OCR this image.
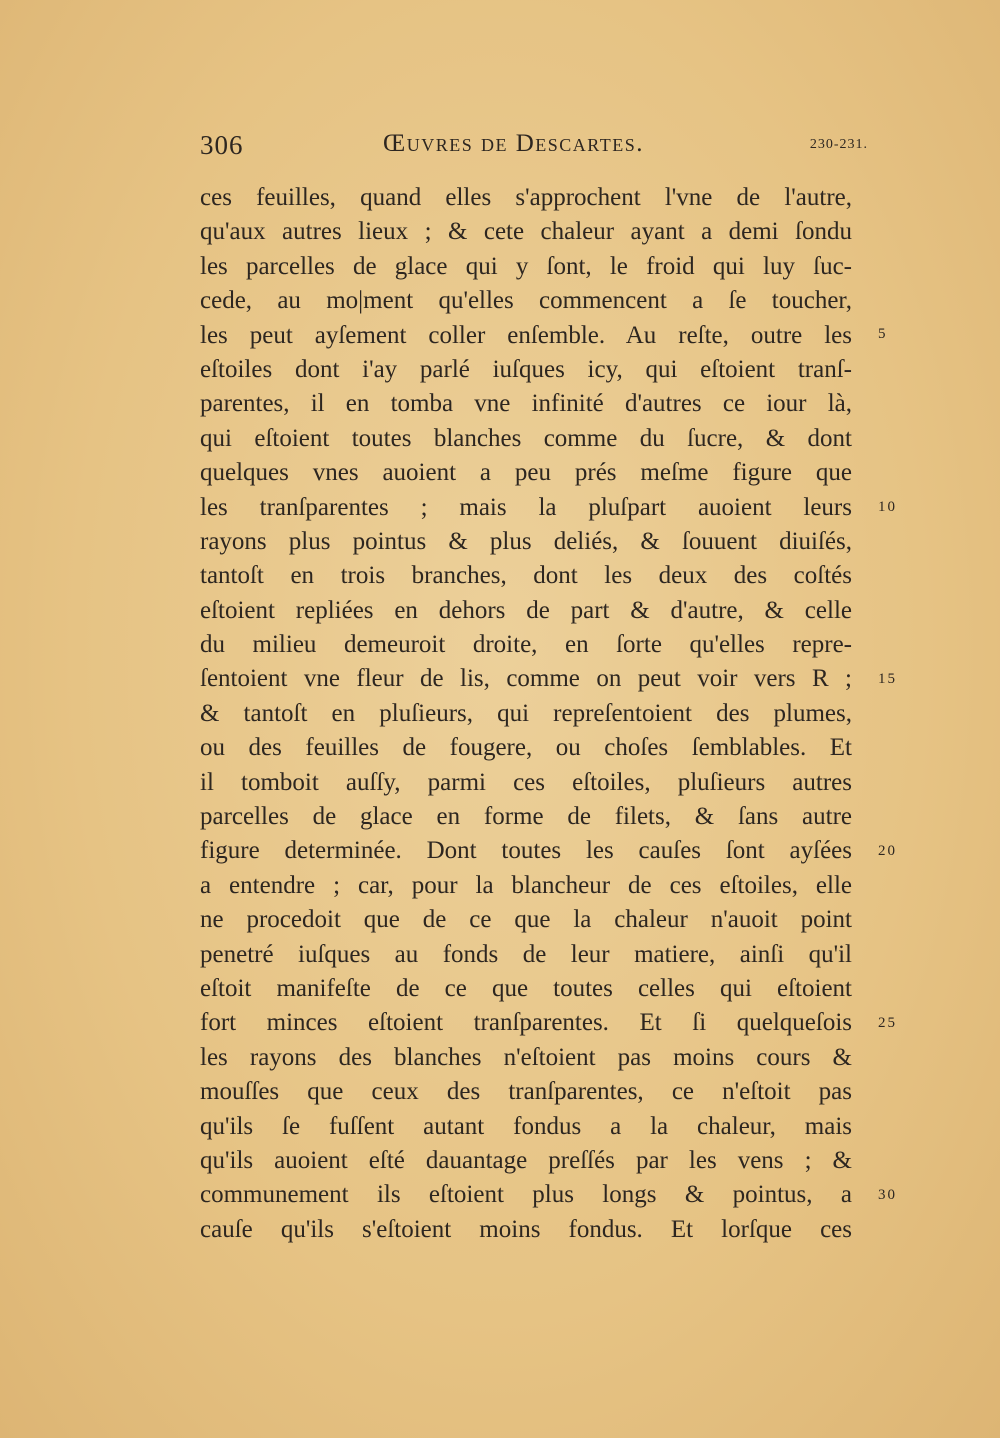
306	Œuvres de Descartes.	230-231.
ces feuilles, quand elles s'approchent l'vne de l'autre,
qu'aux autres lieux ; & cete chaleur ayant a demi ſondu
les parcelles de glace qui y ſont, le froid qui luy ſuc-
cede, au mo|ment qu'elles commencent a ſe toucher,
les peut ayſement coller enſemble. Au reſte, outre les
eſtoiles dont i'ay parlé iuſques icy, qui eſtoient tranſ-
parentes, il en tomba vne infinité d'autres ce iour là,
qui eſtoient toutes blanches comme du ſucre, & dont
quelques vnes auoient a peu prés meſme figure que
les tranſparentes ; mais la pluſpart auoient leurs
rayons plus pointus & plus deliés, & ſouuent diuiſés,
tantoſt en trois branches, dont les deux des coſtés
eſtoient repliées en dehors de part & d'autre, & celle
du milieu demeuroit droite, en ſorte qu'elles repre-
ſentoient vne fleur de lis, comme on peut voir vers R ;
& tantoſt en pluſieurs, qui repreſentoient des plumes,
ou des feuilles de fougere, ou choſes ſemblables. Et
il tomboit auſſy, parmi ces eſtoiles, pluſieurs autres
parcelles de glace en forme de filets, & ſans autre
figure determinée. Dont toutes les cauſes ſont ayſées
a entendre ; car, pour la blancheur de ces eſtoiles, elle
ne procedoit que de ce que la chaleur n'auoit point
penetré iuſques au fonds de leur matiere, ainſi qu'il
eſtoit manifeſte de ce que toutes celles qui eſtoient
fort minces eſtoient tranſparentes. Et ſi quelqueſois
les rayons des blanches n'eſtoient pas moins cours &
mouſſes que ceux des tranſparentes, ce n'eſtoit pas
qu'ils ſe fuſſent autant fondus a la chaleur, mais
qu'ils auoient eſté dauantage preſſés par les vens ; &
communement ils eſtoient plus longs & pointus, a
cauſe qu'ils s'eſtoient moins fondus. Et lorſque ces
5
10
15
20
25
30
